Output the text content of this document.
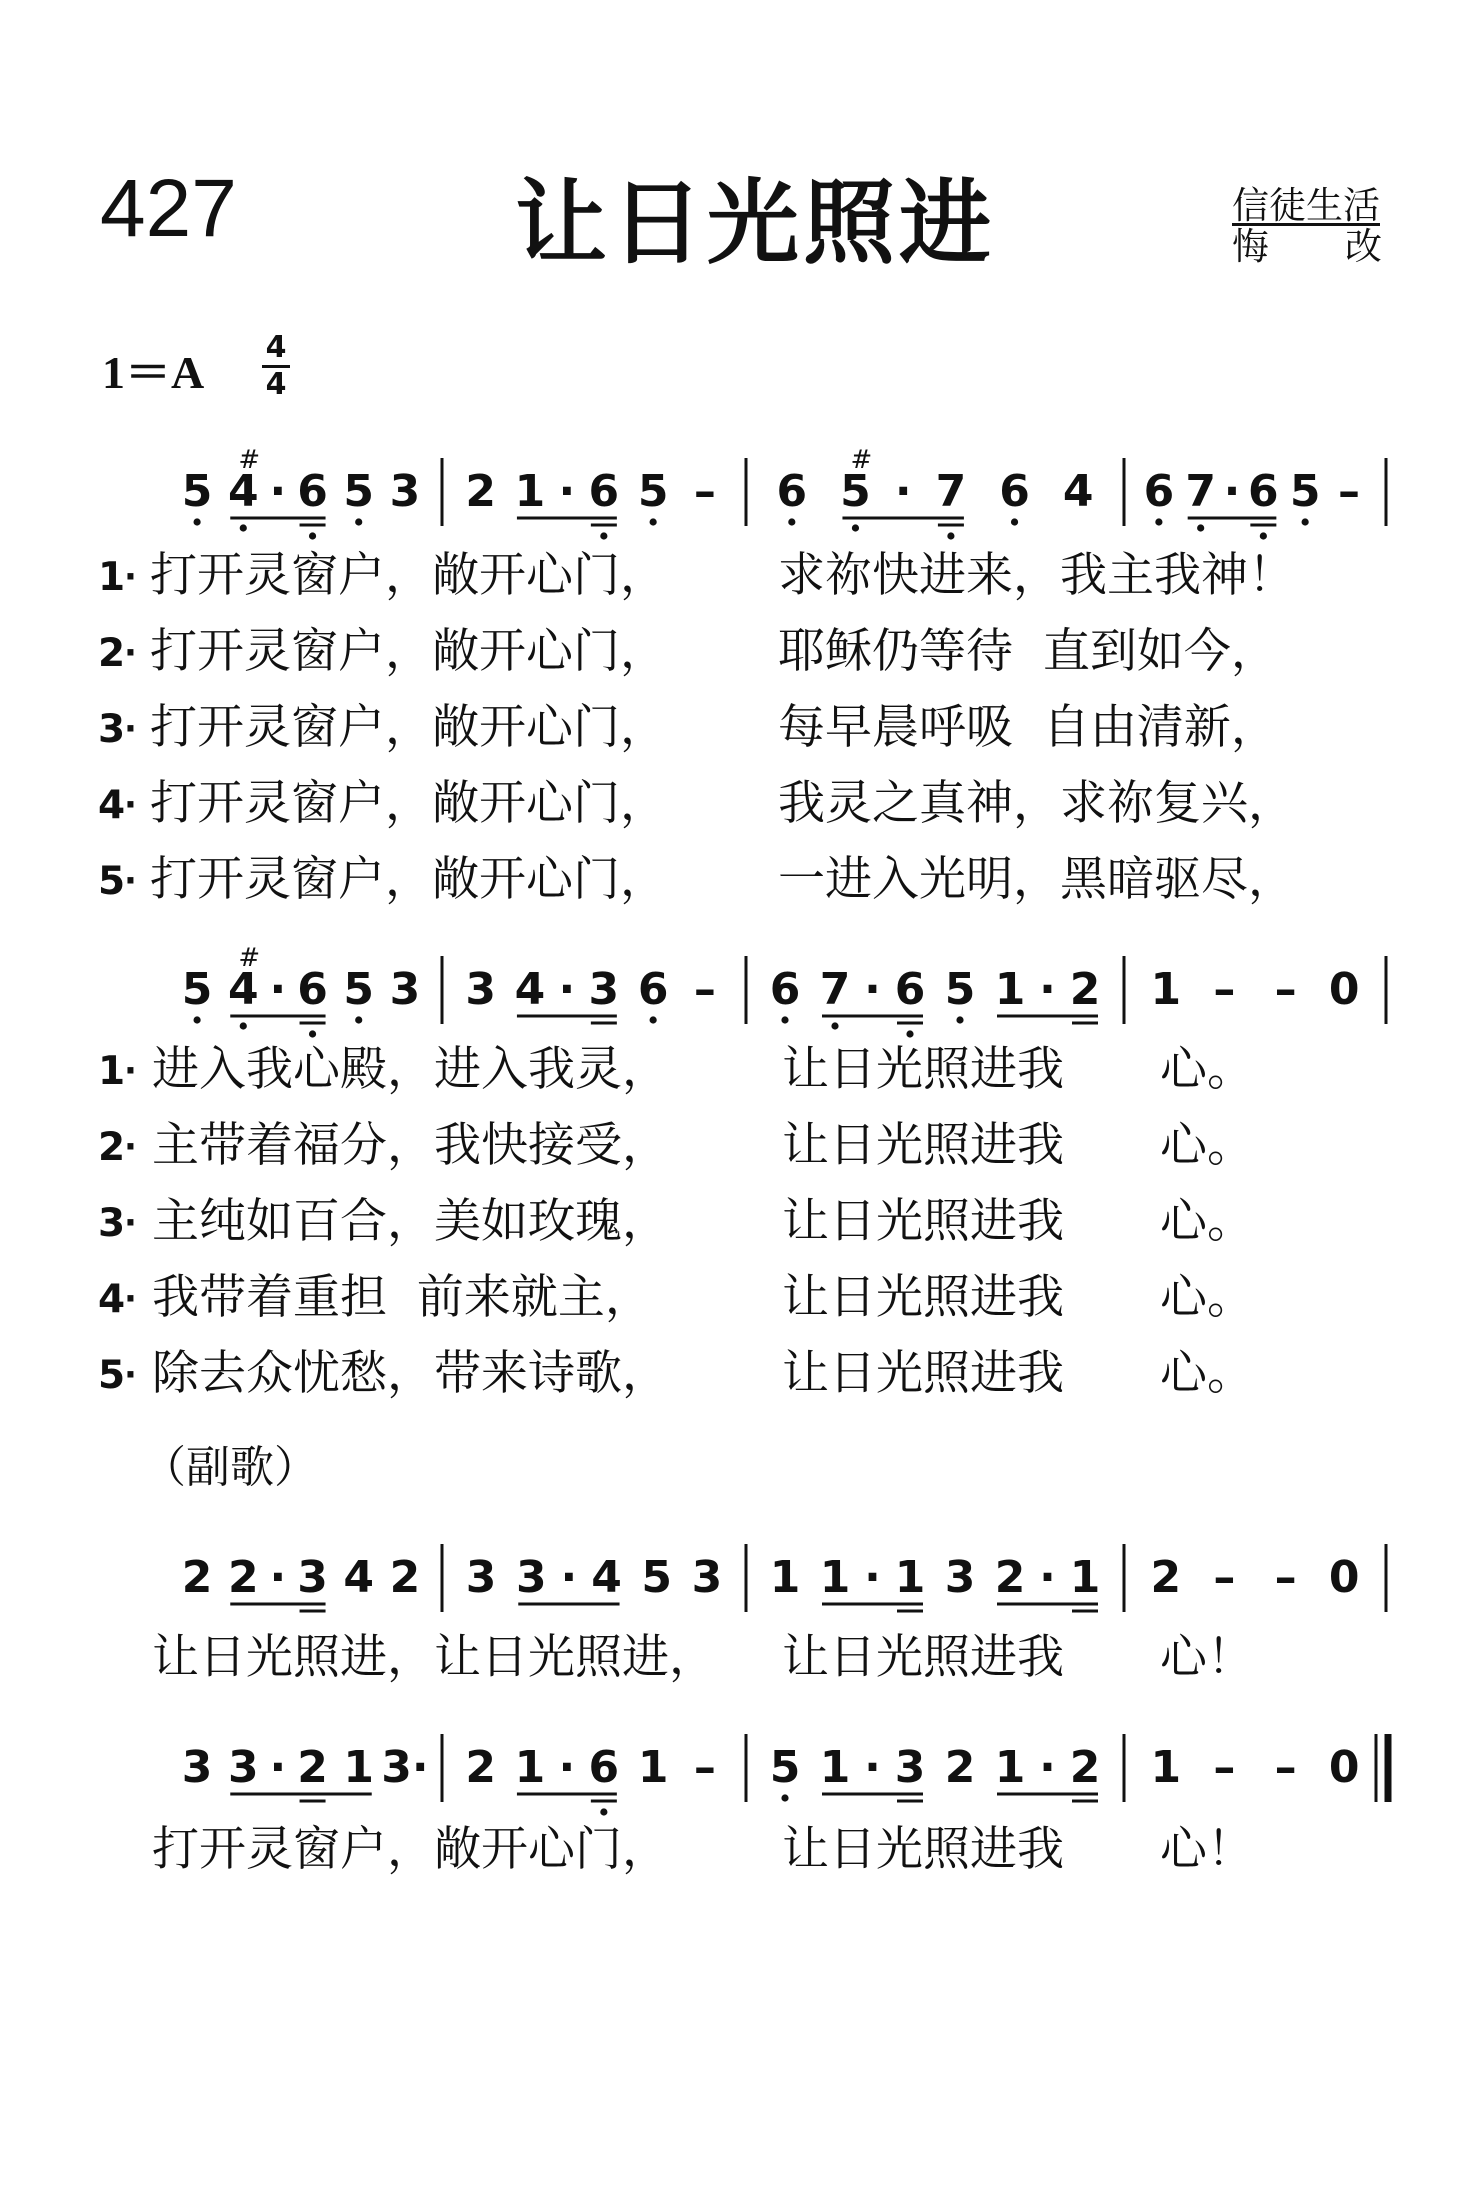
427	让日光照进	信徒生活
悔 改
1＝A 4
4
5 4
#
· 6 5 3 2 1 · 6 5 – 6 5
#
· 7 6 4 6 7 · 6 5 –
5 4
#
· 6 5 3 3 4 · 3 6 – 6 7 · 6 5 1 · 2 1 – – 0
2 2 · 3 4 2 3 3 · 4 5 3 1 1 · 1 3 2 · 1 2 – – 0
3 3 · 2 1 3· 2 1 · 6 1 – 5 1 · 3 2 1 · 2 1 – – 0
1
· 打开灵窗户，敞开心门， 求祢快进来，我主我神！
2
· 打开灵窗户，敞开心门， 耶稣仍等待  直到如今，
3
· 打开灵窗户，敞开心门， 每早晨呼吸  自由清新，
4
· 打开灵窗户，敞开心门， 我灵之真神，求祢复兴，
5
· 打开灵窗户，敞开心门， 一进入光明，黑暗驱尽，
1
· 进入我心殿，进入我灵， 让日光照进我 心。
2
· 主带着福分，我快接受， 让日光照进我 心。
3
· 主纯如百合，美如玫瑰， 让日光照进我 心。
4
· 我带着重担  前来就主，	让日光照进我 心。
5
· 除去众忧愁，带来诗歌， 让日光照进我 心。
（副歌）
让日光照进，让日光照进， 让日光照进我 心！
打开灵窗户，敞开心门， 让日光照进我 心！
